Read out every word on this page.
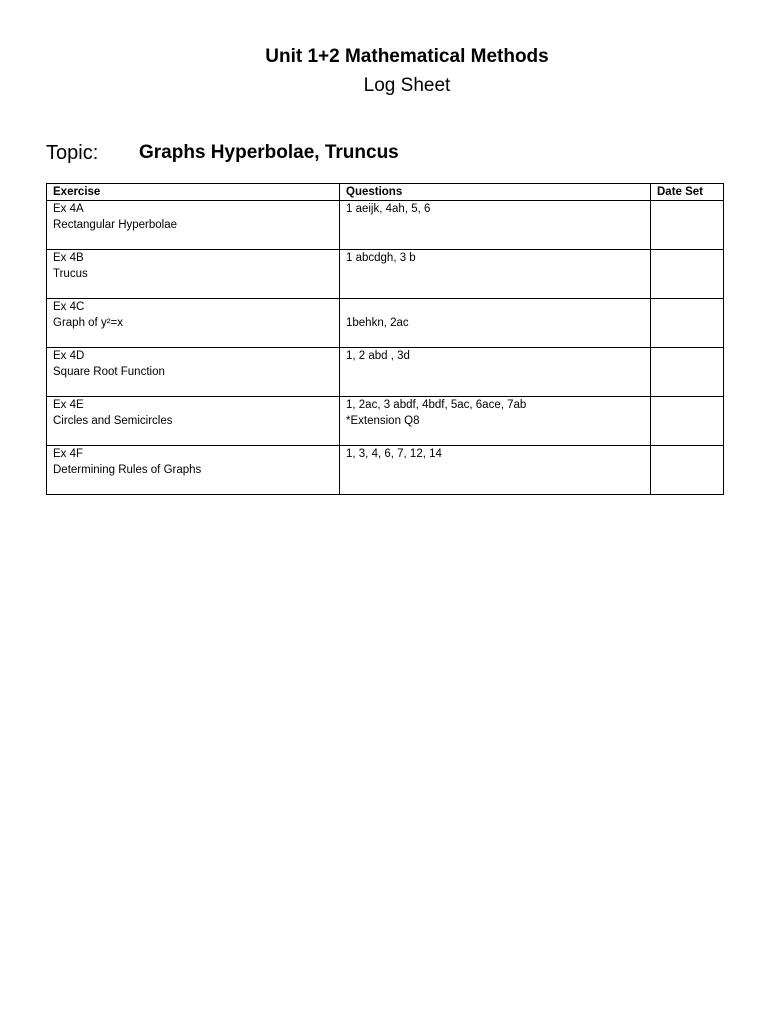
Unit 1+2 Mathematical Methods
Log Sheet
Topic: Graphs Hyperbolae, Truncus
Exercise	Questions	Date Set

Ex 4A
Rectangular Hyperbolae	1 aeijk, 4ah, 5, 6	

Ex 4B
Trucus	1 abcdgh, 3 b	

Ex 4C
Graph of y²=x	1behkn, 2ac	

Ex 4D
Square Root Function	1, 2 abd , 3d	

Ex 4E
Circles and Semicircles	1, 2ac, 3 abdf, 4bdf, 5ac, 6ace, 7ab
*Extension Q8	

Ex 4F
Determining Rules of Graphs	1, 3, 4, 6, 7, 12, 14	
